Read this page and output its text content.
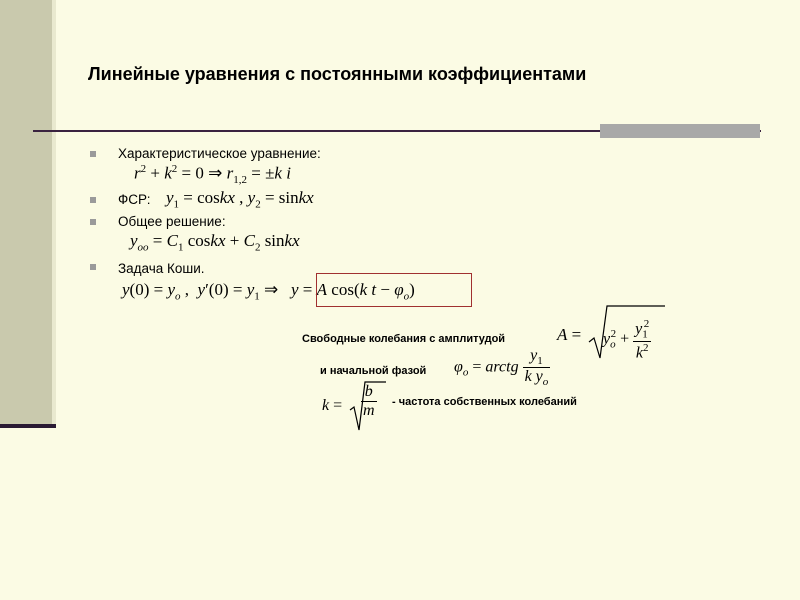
Линейные уравнения с постоянными коэффициентами
Характеристическое уравнение:
$r^2 + k^2 = 0$ ⇒ $r_{1,2} = \pm k$ i
ФСР: $y_1$ = coskx , $y_2$ = sinkx
Общее решение:
$y_{oo} = C_1$ coskx + $C_2$ sinkx
Задача Коши.
$y(0) = y_o$ ,  $y'(0) = y_1$ ⇒   y = A cos(k $t - \varphi_o$)
Свободные колебания с амплитудой	$A = y_o^2 + \frac{y_1^2}{k^2}$
и начальной фазой $\varphi_o$ = arctg $\frac{y_1}{k y_o}$
$k = \frac{b}{m}$ - частота собственных колебаний
